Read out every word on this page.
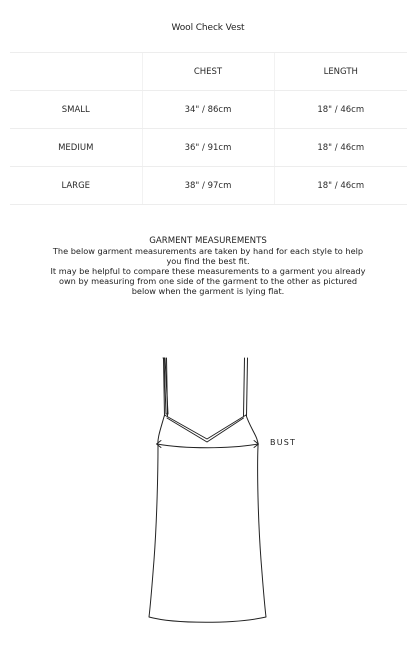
Wool Check Vest
	CHEST	LENGTH
SMALL	34" / 86cm	18" / 46cm
MEDIUM	36" / 91cm	18" / 46cm
LARGE	38" / 97cm	18" / 46cm
GARMENT MEASUREMENTS

The below garment measurements are taken by hand for each style to help you find the best fit.

It may be helpful to compare these measurements to a garment you already own by measuring from one side of the garment to the other as pictured below when the garment is lying flat.

BUST
